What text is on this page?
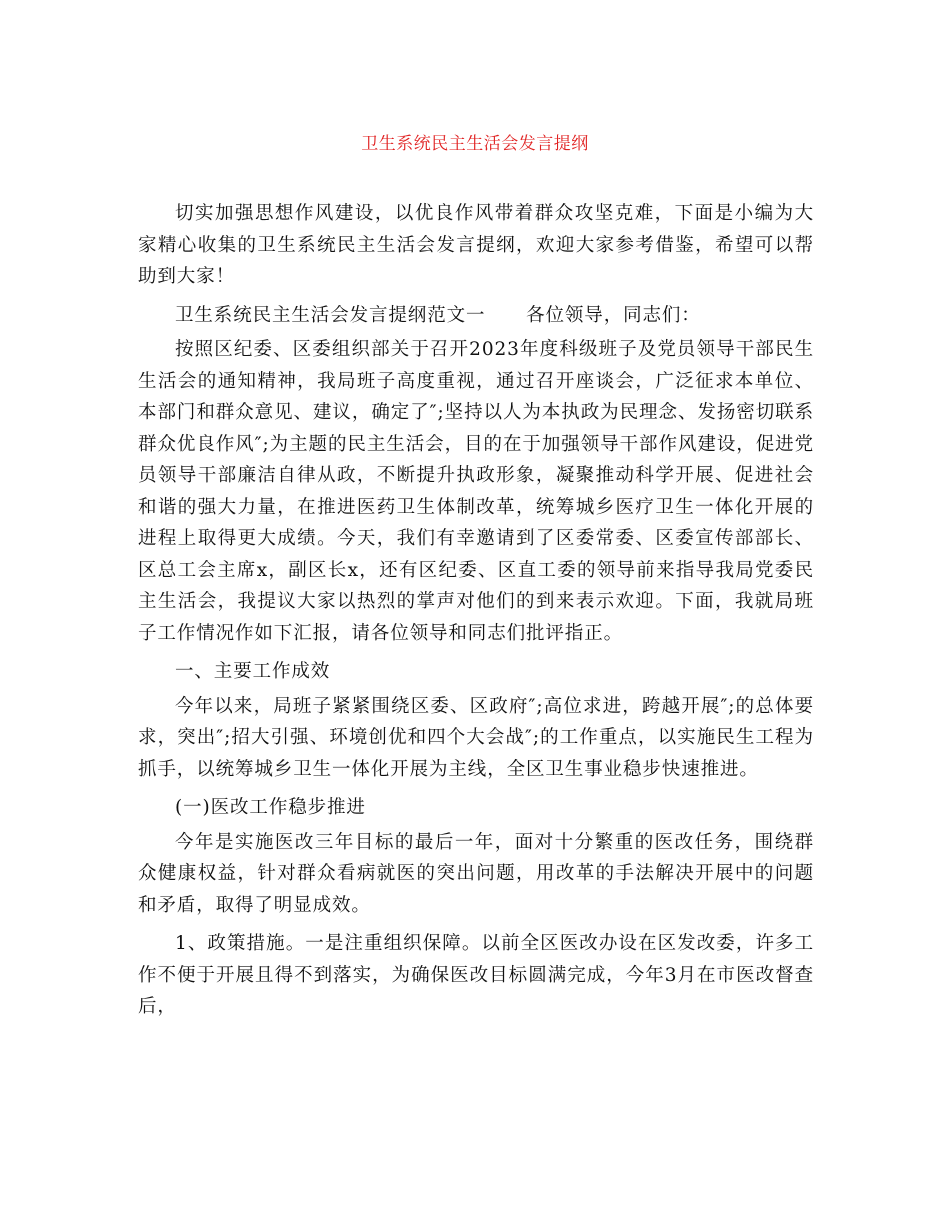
卫生系统民主生活会发言提纲

切实加强思想作风建设，以优良作风带着群众攻坚克难，下面是小编为大家精心收集的卫生系统民主生活会发言提纲，欢迎大家参考借鉴，希望可以帮助到大家！

卫生系统民主生活会发言提纲范文一 各位领导，同志们：

按照区纪委、区委组织部关于召开2023年度科级班子及党员领导干部民生生活会的通知精神，我局班子高度重视，通过召开座谈会，广泛征求本单位、本部门和群众意见、建议，确定了″;坚持以人为本执政为民理念、发扬密切联系群众优良作风″;为主题的民主生活会，目的在于加强领导干部作风建设，促进党员领导干部廉洁自律从政，不断提升执政形象，凝聚推动科学开展、促进社会和谐的强大力量，在推进医药卫生体制改革，统筹城乡医疗卫生一体化开展的进程上取得更大成绩。今天，我们有幸邀请到了区委常委、区委宣传部部长、区总工会主席x，副区长x，还有区纪委、区直工委的领导前来指导我局党委民主生活会，我提议大家以热烈的掌声对他们的到来表示欢迎。下面，我就局班子工作情况作如下汇报，请各位领导和同志们批评指正。

一、主要工作成效

今年以来，局班子紧紧围绕区委、区政府″;高位求进，跨越开展″;的总体要求，突出″;招大引强、环境创优和四个大会战″;的工作重点，以实施民生工程为抓手，以统筹城乡卫生一体化开展为主线，全区卫生事业稳步快速推进。

(一)医改工作稳步推进

今年是实施医改三年目标的最后一年，面对十分繁重的医改任务，围绕群众健康权益，针对群众看病就医的突出问题，用改革的手法解决开展中的问题和矛盾，取得了明显成效。

1、政策措施。一是注重组织保障。以前全区医改办设在区发改委，许多工作不便于开展且得不到落实，为确保医改目标圆满完成，今年3月在市医改督查后，
